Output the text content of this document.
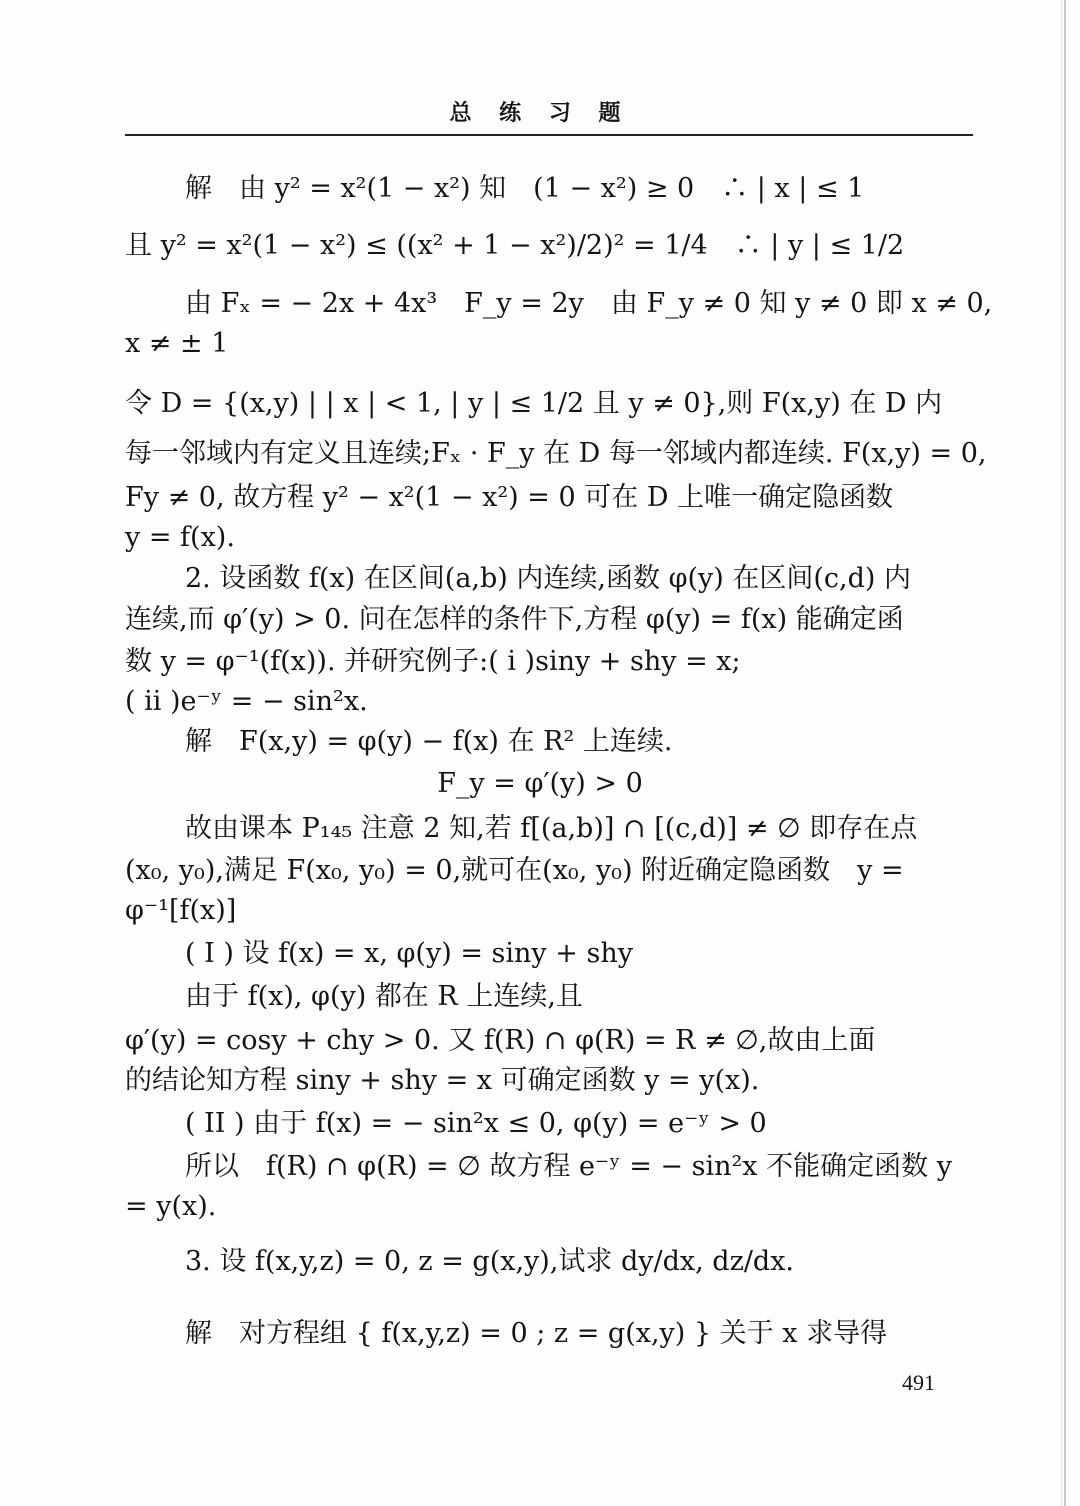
总 练 习 题
解　由 y² = x²(1 − x²) 知　(1 − x²) ≥ 0　∴ | x | ≤ 1
且 y² = x²(1 − x²) ≤ ((x² + 1 − x²)/2)² = 1/4　∴ | y | ≤ 1/2
由 Fₓ = − 2x + 4x³　F_y = 2y　由 F_y ≠ 0 知 y ≠ 0 即 x ≠ 0,
x ≠ ± 1
令 D = {(x,y) | | x | < 1, | y | ≤ 1/2 且 y ≠ 0},则 F(x,y) 在 D 内
每一邻域内有定义且连续;Fₓ · F_y 在 D 每一邻域内都连续. F(x,y) = 0,
Fy ≠ 0, 故方程 y² − x²(1 − x²) = 0 可在 D 上唯一确定隐函数
y = f(x).
2. 设函数 f(x) 在区间(a,b) 内连续,函数 φ(y) 在区间(c,d) 内
连续,而 φ′(y) > 0. 问在怎样的条件下,方程 φ(y) = f(x) 能确定函
数 y = φ⁻¹(f(x)). 并研究例子:( i )siny + shy = x;
( ii )e⁻ʸ = − sin²x.
解　F(x,y) = φ(y) − f(x) 在 R² 上连续.
F_y = φ′(y) > 0
故由课本 P₁₄₅ 注意 2 知,若 f[(a,b)] ∩ [(c,d)] ≠ ∅ 即存在点
(x₀, y₀),满足 F(x₀, y₀) = 0,就可在(x₀, y₀) 附近确定隐函数　y =
φ⁻¹[f(x)]
( I ) 设 f(x) = x, φ(y) = siny + shy
由于 f(x), φ(y) 都在 R 上连续,且
φ′(y) = cosy + chy > 0. 又 f(R) ∩ φ(R) = R ≠ ∅,故由上面
的结论知方程 siny + shy = x 可确定函数 y = y(x).
( II ) 由于 f(x) = − sin²x ≤ 0, φ(y) = e⁻ʸ > 0
所以　f(R) ∩ φ(R) = ∅ 故方程 e⁻ʸ = − sin²x 不能确定函数 y
= y(x).
3. 设 f(x,y,z) = 0, z = g(x,y),试求 dy/dx, dz/dx.
解　对方程组 { f(x,y,z) = 0 ; z = g(x,y) } 关于 x 求导得
491
